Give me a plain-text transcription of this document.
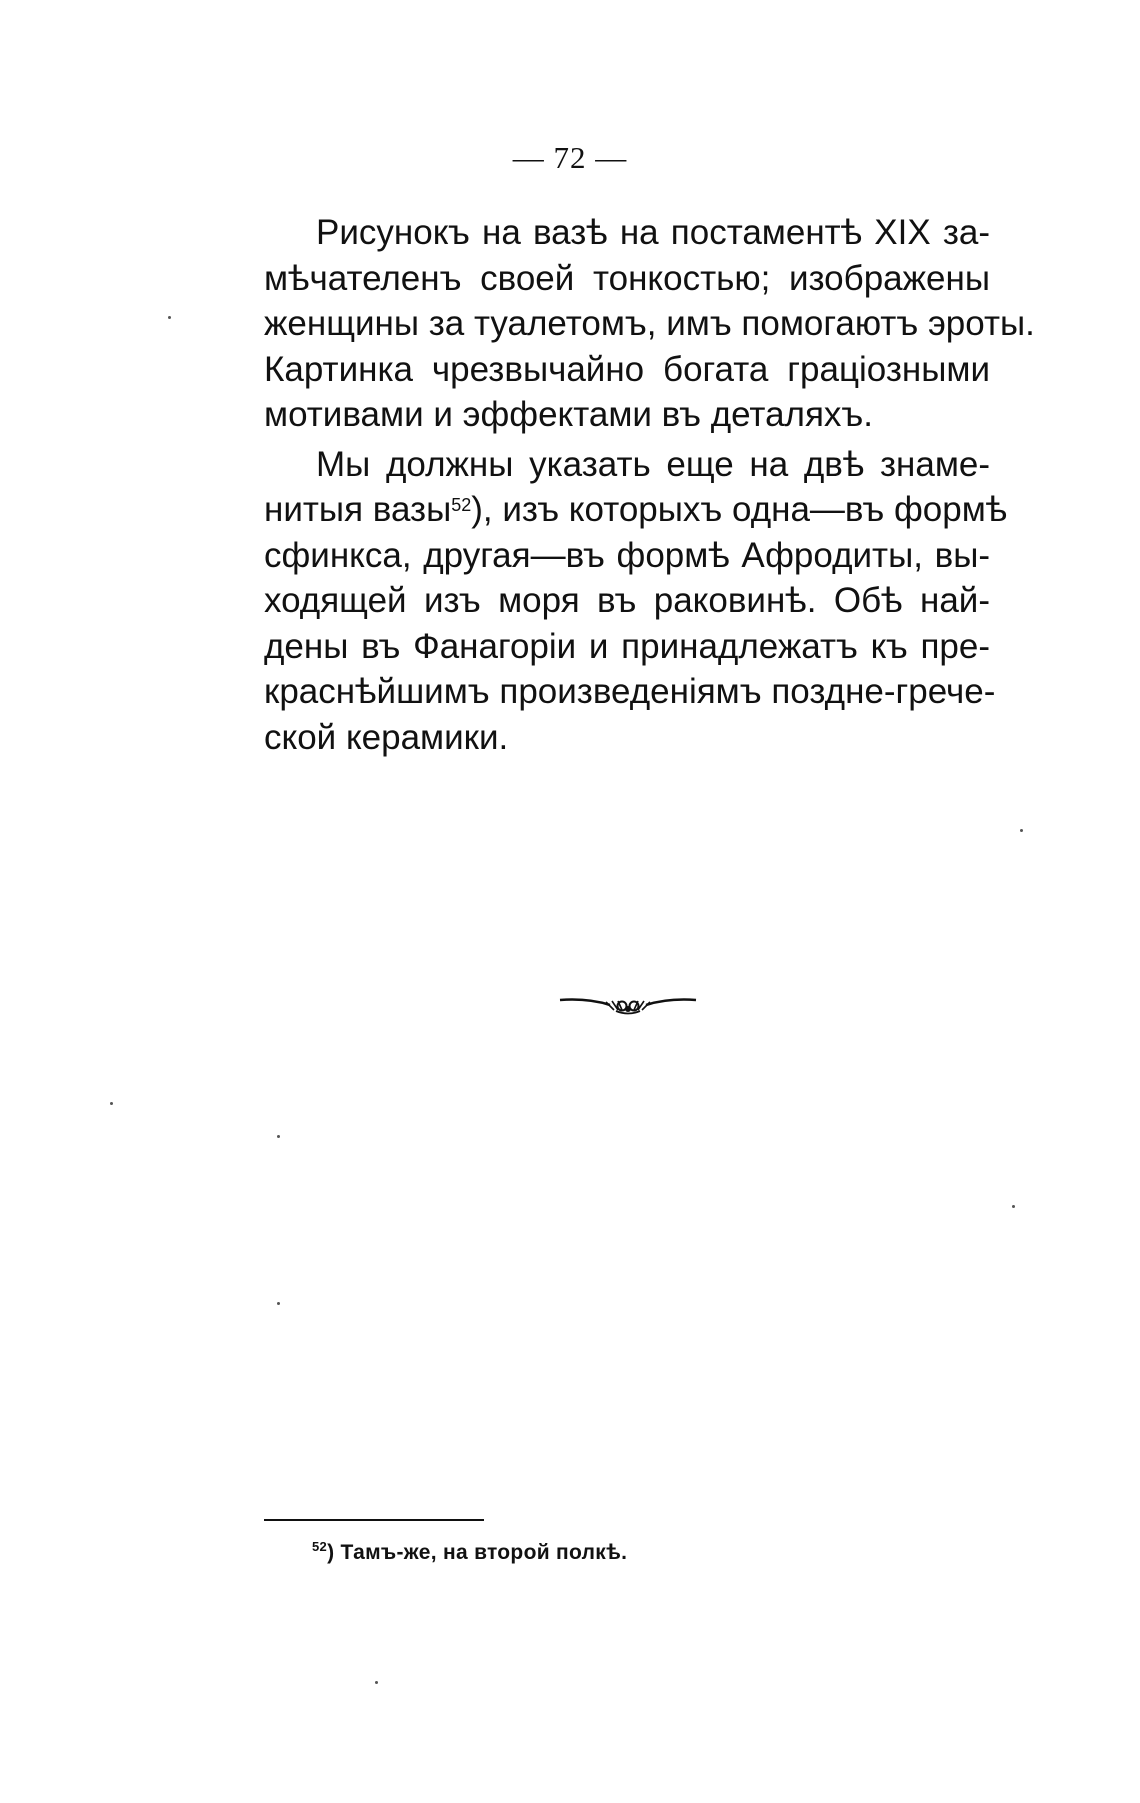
— 72 —
Рисунокъ на вазѣ на постаментѣ XIX за-
мѣчателенъ своей тонкостью; изображены
женщины за туалетомъ, имъ помогаютъ эроты.
Картинка чрезвычайно богата граціозными
мотивами и эффектами въ деталяхъ.
Мы должны указать еще на двѣ знаме-
нитыя вазы$^{52}$), изъ которыхъ одна—въ формѣ
сфинкса, другая—въ формѣ Афродиты, вы-
ходящей изъ моря въ раковинѣ. Обѣ най-
дены въ Фанагоріи и принадлежатъ къ пре-
краснѣйшимъ произведеніямъ поздне-грече-
ской керамики.
$^{52}$) Тамъ-же, на второй полкѣ.
